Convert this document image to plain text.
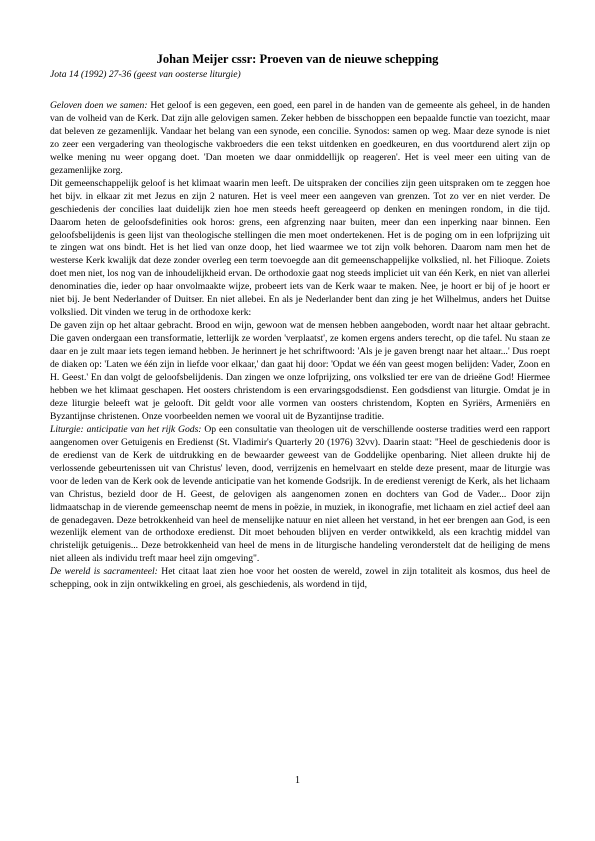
Johan Meijer cssr: Proeven van de nieuwe schepping
Jota 14 (1992) 27-36 (geest van oosterse liturgie)

Geloven doen we samen: Het geloof is een gegeven, een goed, een parel in de handen van de gemeente als geheel, in de handen van de volheid van de Kerk. Dat zijn alle gelovigen samen. Zeker hebben de bisschoppen een bepaalde functie van toezicht, maar dat beleven ze gezamenlijk. Vandaar het belang van een synode, een concilie. Synodos: samen op weg. Maar deze synode is niet zo zeer een vergadering van theologische vakbroeders die een tekst uitdenken en goedkeuren, en dus voortdurend alert zijn op welke mening nu weer opgang doet. 'Dan moeten we daar onmiddellijk op reageren'. Het is veel meer een uiting van de gezamenlijke zorg.

Dit gemeenschappelijk geloof is het klimaat waarin men leeft. De uitspraken der concilies zijn geen uitspraken om te zeggen hoe het bijv. in elkaar zit met Jezus en zijn 2 naturen. Het is veel meer een aangeven van grenzen. Tot zo ver en niet verder. De geschiedenis der concilies laat duidelijk zien hoe men steeds heeft gereageerd op denken en meningen rondom, in die tijd. Daarom heten de geloofsdefinities ook horos: grens, een afgrenzing naar buiten, meer dan een inperking naar binnen. Een geloofsbelijdenis is geen lijst van theologische stellingen die men moet ondertekenen. Het is de poging om in een lofprijzing uit te zingen wat ons bindt. Het is het lied van onze doop, het lied waarmee we tot zijn volk behoren. Daarom nam men het de westerse Kerk kwalijk dat deze zonder overleg een term toevoegde aan dit gemeenschappelijke volkslied, nl. het Filioque. Zoiets doet men niet, los nog van de inhoudelijkheid ervan. De orthodoxie gaat nog steeds impliciet uit van één Kerk, en niet van allerlei denominaties die, ieder op haar onvolmaakte wijze, probeert iets van de Kerk waar te maken. Nee, je hoort er bij of je hoort er niet bij. Je bent Nederlander of Duitser. En niet allebei. En als je Nederlander bent dan zing je het Wilhelmus, anders het Duitse volkslied. Dit vinden we terug in de orthodoxe kerk:

De gaven zijn op het altaar gebracht. Brood en wijn, gewoon wat de mensen hebben aangeboden, wordt naar het altaar gebracht. Die gaven ondergaan een transformatie, letterlijk ze worden 'verplaatst', ze komen ergens anders terecht, op die tafel. Nu staan ze daar en je zult maar iets tegen iemand hebben. Je herinnert je het schriftwoord: 'Als je je gaven brengt naar het altaar...' Dus roept de diaken op: 'Laten we één zijn in liefde voor elkaar,' dan gaat hij door: 'Opdat we één van geest mogen belijden: Vader, Zoon en H. Geest.' En dan volgt de geloofsbelijdenis. Dan zingen we onze lofprijzing, ons volkslied ter ere van de drieëne God! Hiermee hebben we het klimaat geschapen. Het oosters christendom is een ervaringsgodsdienst. Een godsdienst van liturgie. Omdat je in deze liturgie beleeft wat je gelooft. Dit geldt voor alle vormen van oosters christendom, Kopten en Syriërs, Armeniërs en Byzantijnse christenen. Onze voorbeelden nemen we vooral uit de Byzantijnse traditie.

Liturgie: anticipatie van het rijk Gods: Op een consultatie van theologen uit de verschillende oosterse tradities werd een rapport aangenomen over Getuigenis en Eredienst (St. Vladimir's Quarterly 20 (1976) 32vv). Daarin staat: "Heel de geschiedenis door is de eredienst van de Kerk de uitdrukking en de bewaarder geweest van de Goddelijke openbaring. Niet alleen drukte hij de verlossende gebeurtenissen uit van Christus' leven, dood, verrijzenis en hemelvaart en stelde deze present, maar de liturgie was voor de leden van de Kerk ook de levende anticipatie van het komende Godsrijk. In de eredienst verenigt de Kerk, als het lichaam van Christus, bezield door de H. Geest, de gelovigen als aangenomen zonen en dochters van God de Vader... Door zijn lidmaatschap in de vierende gemeenschap neemt de mens in poëzie, in muziek, in ikonografie, met lichaam en ziel actief deel aan de genadegaven. Deze betrokkenheid van heel de menselijke natuur en niet alleen het verstand, in het eer brengen aan God, is een wezenlijk element van de orthodoxe eredienst. Dit moet behouden blijven en verder ontwikkeld, als een krachtig middel van christelijk getuigenis... Deze betrokkenheid van heel de mens in de liturgische handeling veronderstelt dat de heiliging de mens niet alleen als individu treft maar heel zijn omgeving".

De wereld is sacramenteel: Het citaat laat zien hoe voor het oosten de wereld, zowel in zijn totaliteit als kosmos, dus heel de schepping, ook in zijn ontwikkeling en groei, als geschiedenis, als wordend in tijd,

1
